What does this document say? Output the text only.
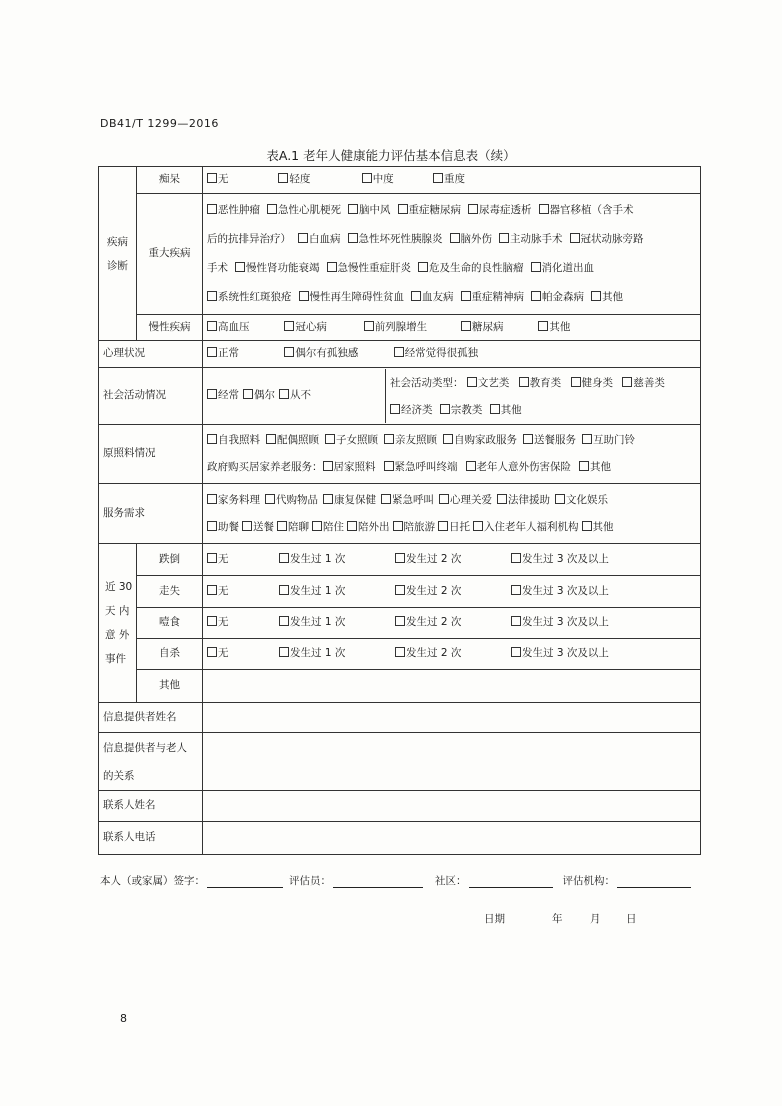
DB41/T 1299—2016
表A.1 老年人健康能力评估基本信息表（续）
疾病
诊断	痴呆	无 轻度 中度 重度
	重大疾病	恶性肿瘤 急性心肌梗死 脑中风 重症糖尿病 尿毒症透析 器官移植（含手术
后的抗排异治疗） 白血病 急性坏死性胰腺炎 脑外伤 主动脉手术 冠状动脉旁路
手术 慢性肾功能衰竭 急慢性重症肝炎 危及生命的良性脑瘤 消化道出血
系统性红斑狼疮 慢性再生障碍性贫血 血友病 重症精神病 帕金森病 其他

	慢性疾病	高血压 冠心病 前列腺增生 糖尿病 其他
心理状况		正常 偶尔有孤独感 经常觉得很孤独
社会活动情况		经常 偶尔 从不
社会活动类型： 文艺类 教育类 健身类 慈善类
经济类 宗教类 其他

原照料情况		自我照料 配偶照顾 子女照顾 亲友照顾 自购家政服务 送餐服务 互助门铃
政府购买居家养老服务： 居家照料 紧急呼叫终端 老年人意外伤害保险 其他

服务需求		家务料理 代购物品 康复保健 紧急呼叫 心理关爱 法律援助 文化娱乐
助餐 送餐 陪聊 陪住 陪外出 陪旅游 日托 入住老年人福利机构 其他

近 30
天 内
意 外
事件	跌倒	无 发生过 1 次 发生过 2 次 发生过 3 次及以上
	走失	无 发生过 1 次 发生过 2 次 发生过 3 次及以上
	噎食	无 发生过 1 次 发生过 2 次 发生过 3 次及以上
	自杀	无 发生过 1 次 发生过 2 次 发生过 3 次及以上
	其他	
信息提供者姓名		

信息提供者与老人
的关系		

联系人姓名		
联系人电话		
本人（或家属）签字：	评估员：	社区：	评估机构：
日期	年	月 日
8
